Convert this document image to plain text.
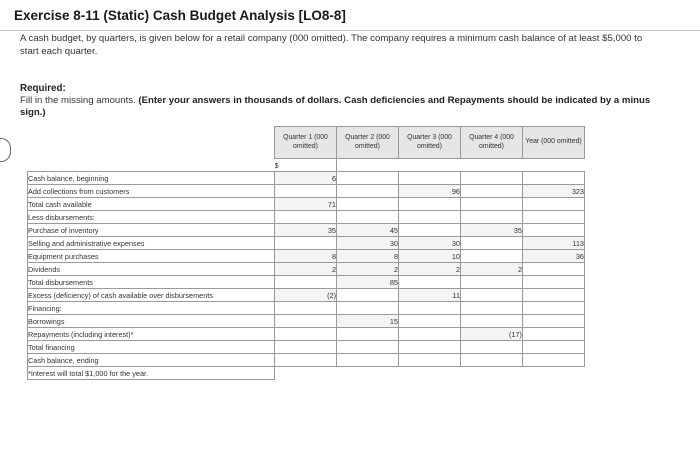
Exercise 8-11 (Static) Cash Budget Analysis [LO8-8]
A cash budget, by quarters, is given below for a retail company (000 omitted). The company requires a minimum cash balance of at least $5,000 to start each quarter.
Required:
Fill in the missing amounts. (Enter your answers in thousands of dollars. Cash deficiencies and Repayments should be indicated by a minus sign.)
	Quarter 1 (000 omitted)	Quarter 2 (000 omitted)	Quarter 3 (000 omitted)	Quarter 4 (000 omitted)	Year (000 omitted)
	$				
Cash balance, beginning	6				
Add collections from customers			96		323
Total cash available	71				
Less disbursements:					
Purchase of inventory	35	45		35	
Selling and administrative expenses		30	30		113
Equipment purchases	8	8	10		36
Dividends	2	2	2	2	
Total disbursements		85			
Excess (deficiency) of cash available over disbursements	(2)		11		
Financing:					
Borrowings		15			
Repayments (including interest)*				(17)	
Total financing					
Cash balance, ending					
*Interest will total $1,000 for the year.					
